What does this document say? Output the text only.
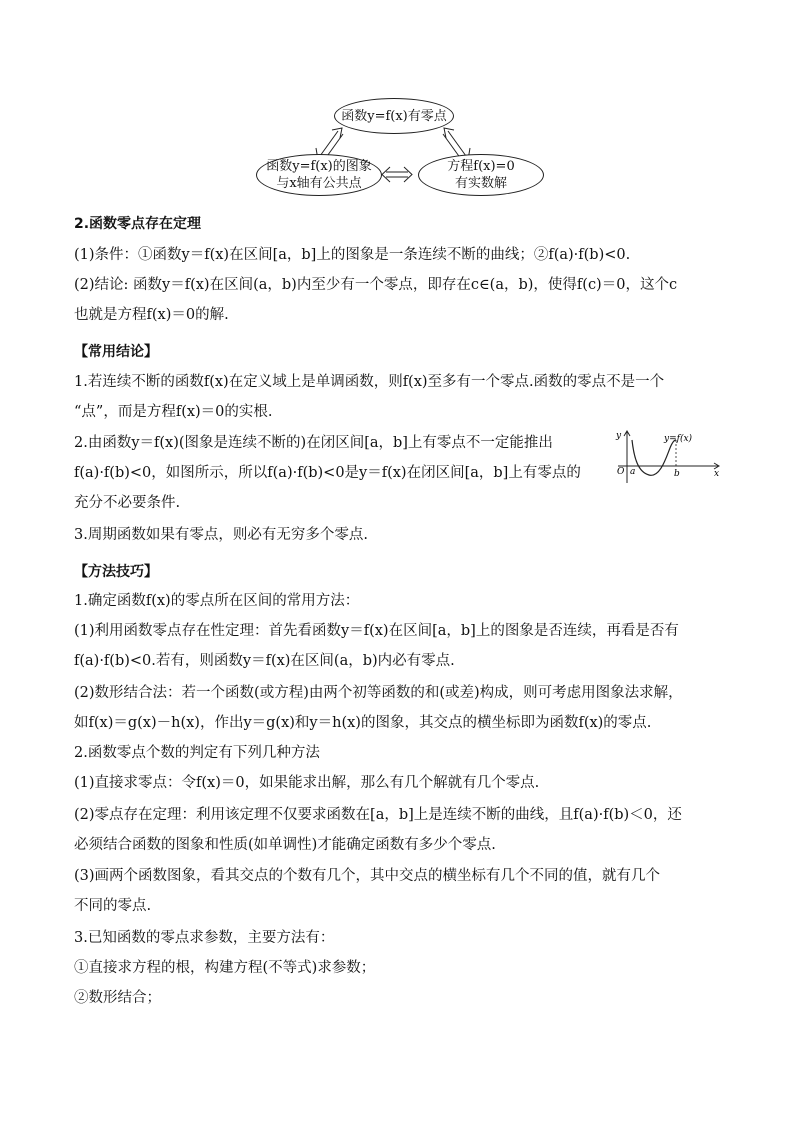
函数y=f(x)有零点
函数y=f(x)的图象
与x轴有公共点
方程f(x)=0
有实数解
2.函数零点存在定理
(1)条件：①函数y＝f(x)在区间[a，b]上的图象是一条连续不断的曲线；②f(a)·f(b)<0.
(2)结论: 函数y＝f(x)在区间(a，b)内至少有一个零点，即存在c∈(a，b)，使得f(c)＝0，这个c
也就是方程f(x)＝0的解.
【常用结论】
1.若连续不断的函数f(x)在定义域上是单调函数，则f(x)至多有一个零点.函数的零点不是一个
“点”，而是方程f(x)＝0的实根.
2.由函数y＝f(x)(图象是连续不断的)在闭区间[a，b]上有零点不一定能推出
f(a)·f(b)<0，如图所示，所以f(a)·f(b)<0是y＝f(x)在闭区间[a，b]上有零点的
充分不必要条件.
3.周期函数如果有零点，则必有无穷多个零点.
【方法技巧】
1.确定函数f(x)的零点所在区间的常用方法：
(1)利用函数零点存在性定理：首先看函数y＝f(x)在区间[a，b]上的图象是否连续，再看是否有
f(a)·f(b)<0.若有，则函数y＝f(x)在区间(a，b)内必有零点.
(2)数形结合法：若一个函数(或方程)由两个初等函数的和(或差)构成，则可考虑用图象法求解，
如f(x)＝g(x)－h(x)，作出y＝g(x)和y＝h(x)的图象，其交点的横坐标即为函数f(x)的零点.
2.函数零点个数的判定有下列几种方法
(1)直接求零点：令f(x)＝0，如果能求出解，那么有几个解就有几个零点.
(2)零点存在定理：利用该定理不仅要求函数在[a，b]上是连续不断的曲线，且f(a)·f(b)＜0，还
必须结合函数的图象和性质(如单调性)才能确定函数有多少个零点.
(3)画两个函数图象，看其交点的个数有几个，其中交点的横坐标有几个不同的值，就有几个
不同的零点.
3.已知函数的零点求参数，主要方法有：
①直接求方程的根，构建方程(不等式)求参数；
②数形结合；
y	y=f(x)
O a	b	x
